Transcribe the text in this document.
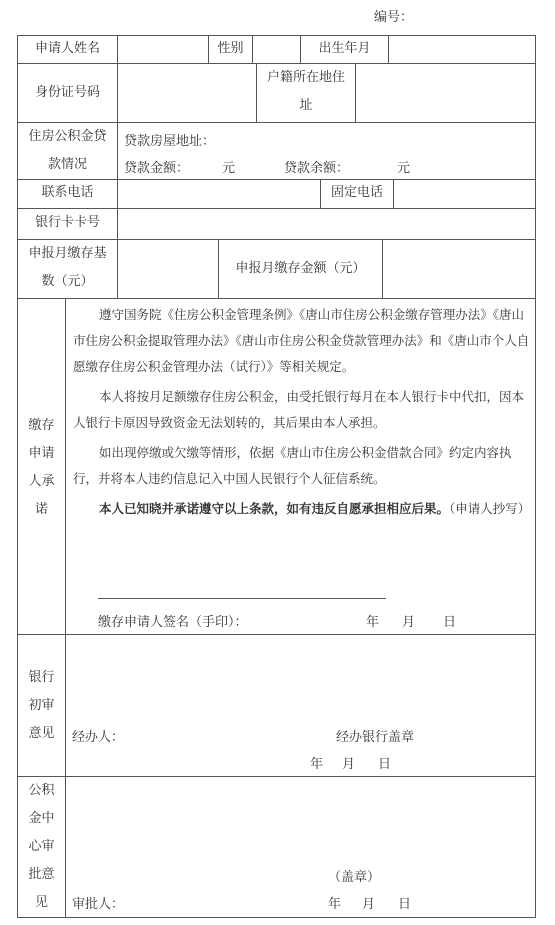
编号：
申请人姓名	性别	出生年月
身份证号码
户籍所在地住
址
住房公积金贷
款情况
贷款房屋地址：
贷款金额：	元	贷款余额：	元
联系电话	固定电话
银行卡卡号
申报月缴存基
数（元）
申报月缴存金额（元）
缴存
申请
人承
诺
遵守国务院《住房公积金管理条例》《唐山市住房公积金缴存管理办法》《唐山市住房公积金提取管理办法》《唐山市住房公积金贷款管理办法》和《唐山市个人自愿缴存住房公积金管理办法（试行）》等相关规定。
本人将按月足额缴存住房公积金，由受托银行每月在本人银行卡中代扣，因本人银行卡原因导致资金无法划转的，其后果由本人承担。
如出现停缴或欠缴等情形，依据《唐山市住房公积金借款合同》约定内容执行，并将本人违约信息记入中国人民银行个人征信系统。
本人已知晓并承诺遵守以上条款，如有违反自愿承担相应后果。（申请人抄写）
缴存申请人签名（手印）：	年 月 日
银行
初审
意见	经办人：	经办银行盖章
年 月 日
公积
金中
心审
批意
见
（盖章）
审批人：	年 月 日
